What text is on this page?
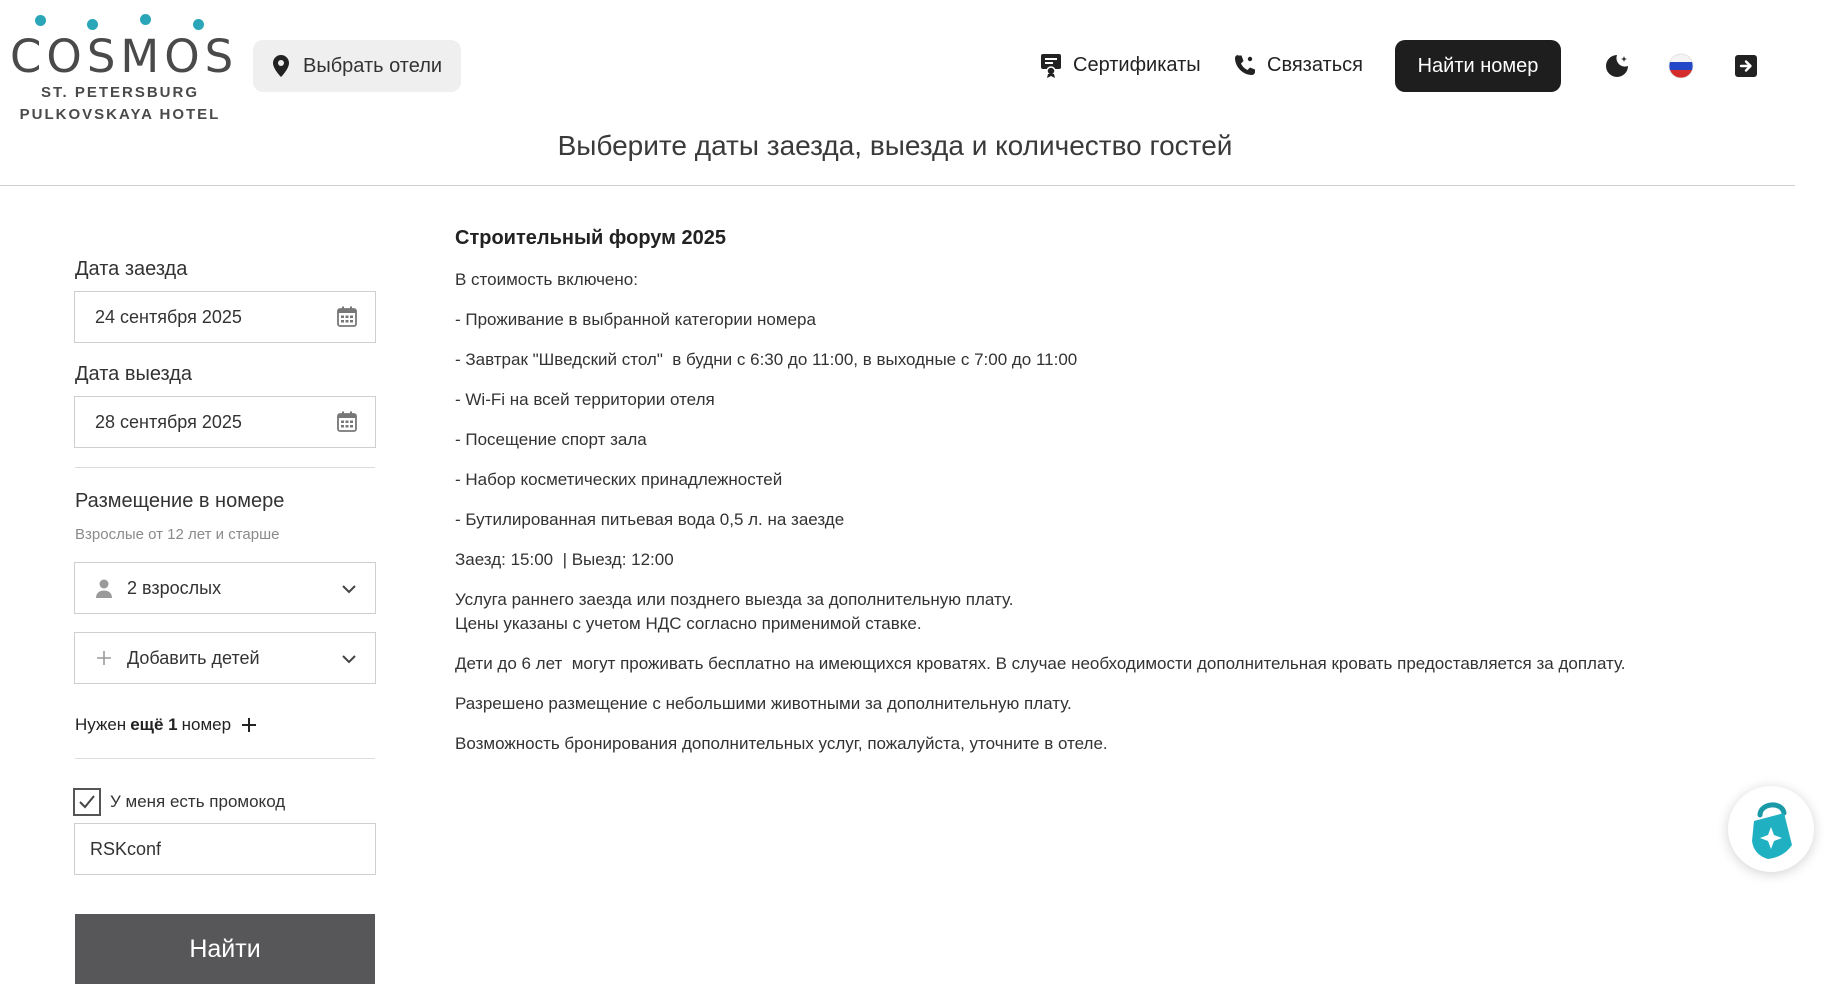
COSMOS
ST. PETERSBURG
PULKOVSKAYA HOTEL
Выбрать отели	Сертификаты	Связаться	Найти номер
Выберите даты заезда, выезда и количество гостей
Дата заезда
24 сентября 2025
Дата выезда
28 сентября 2025
Размещение в номере
Взрослые от 12 лет и старше
2 взрослых
Добавить детей
Нужен ещё 1 номер
У меня есть промокод
RSKconf
Найти
Строительный форум 2025

В стоимость включено:

- Проживание в выбранной категории номера

- Завтрак "Шведский стол"  в будни с 6:30 до 11:00, в выходные с 7:00 до 11:00

- Wi-Fi на всей территории отеля

- Посещение спорт зала

- Набор косметических принадлежностей

- Бутилированная питьевая вода 0,5 л. на заезде

Заезд: 15:00  | Выезд: 12:00

Услуга раннего заезда или позднего выезда за дополнительную плату.
Цены указаны с учетом НДС согласно применимой ставке.

Дети до 6 лет  могут проживать бесплатно на имеющихся кроватях. В случае необходимости дополнительная кровать предоставляется за доплату.

Разрешено размещение с небольшими животными за дополнительную плату.

Возможность бронирования дополнительных услуг, пожалуйста, уточните в отеле.
